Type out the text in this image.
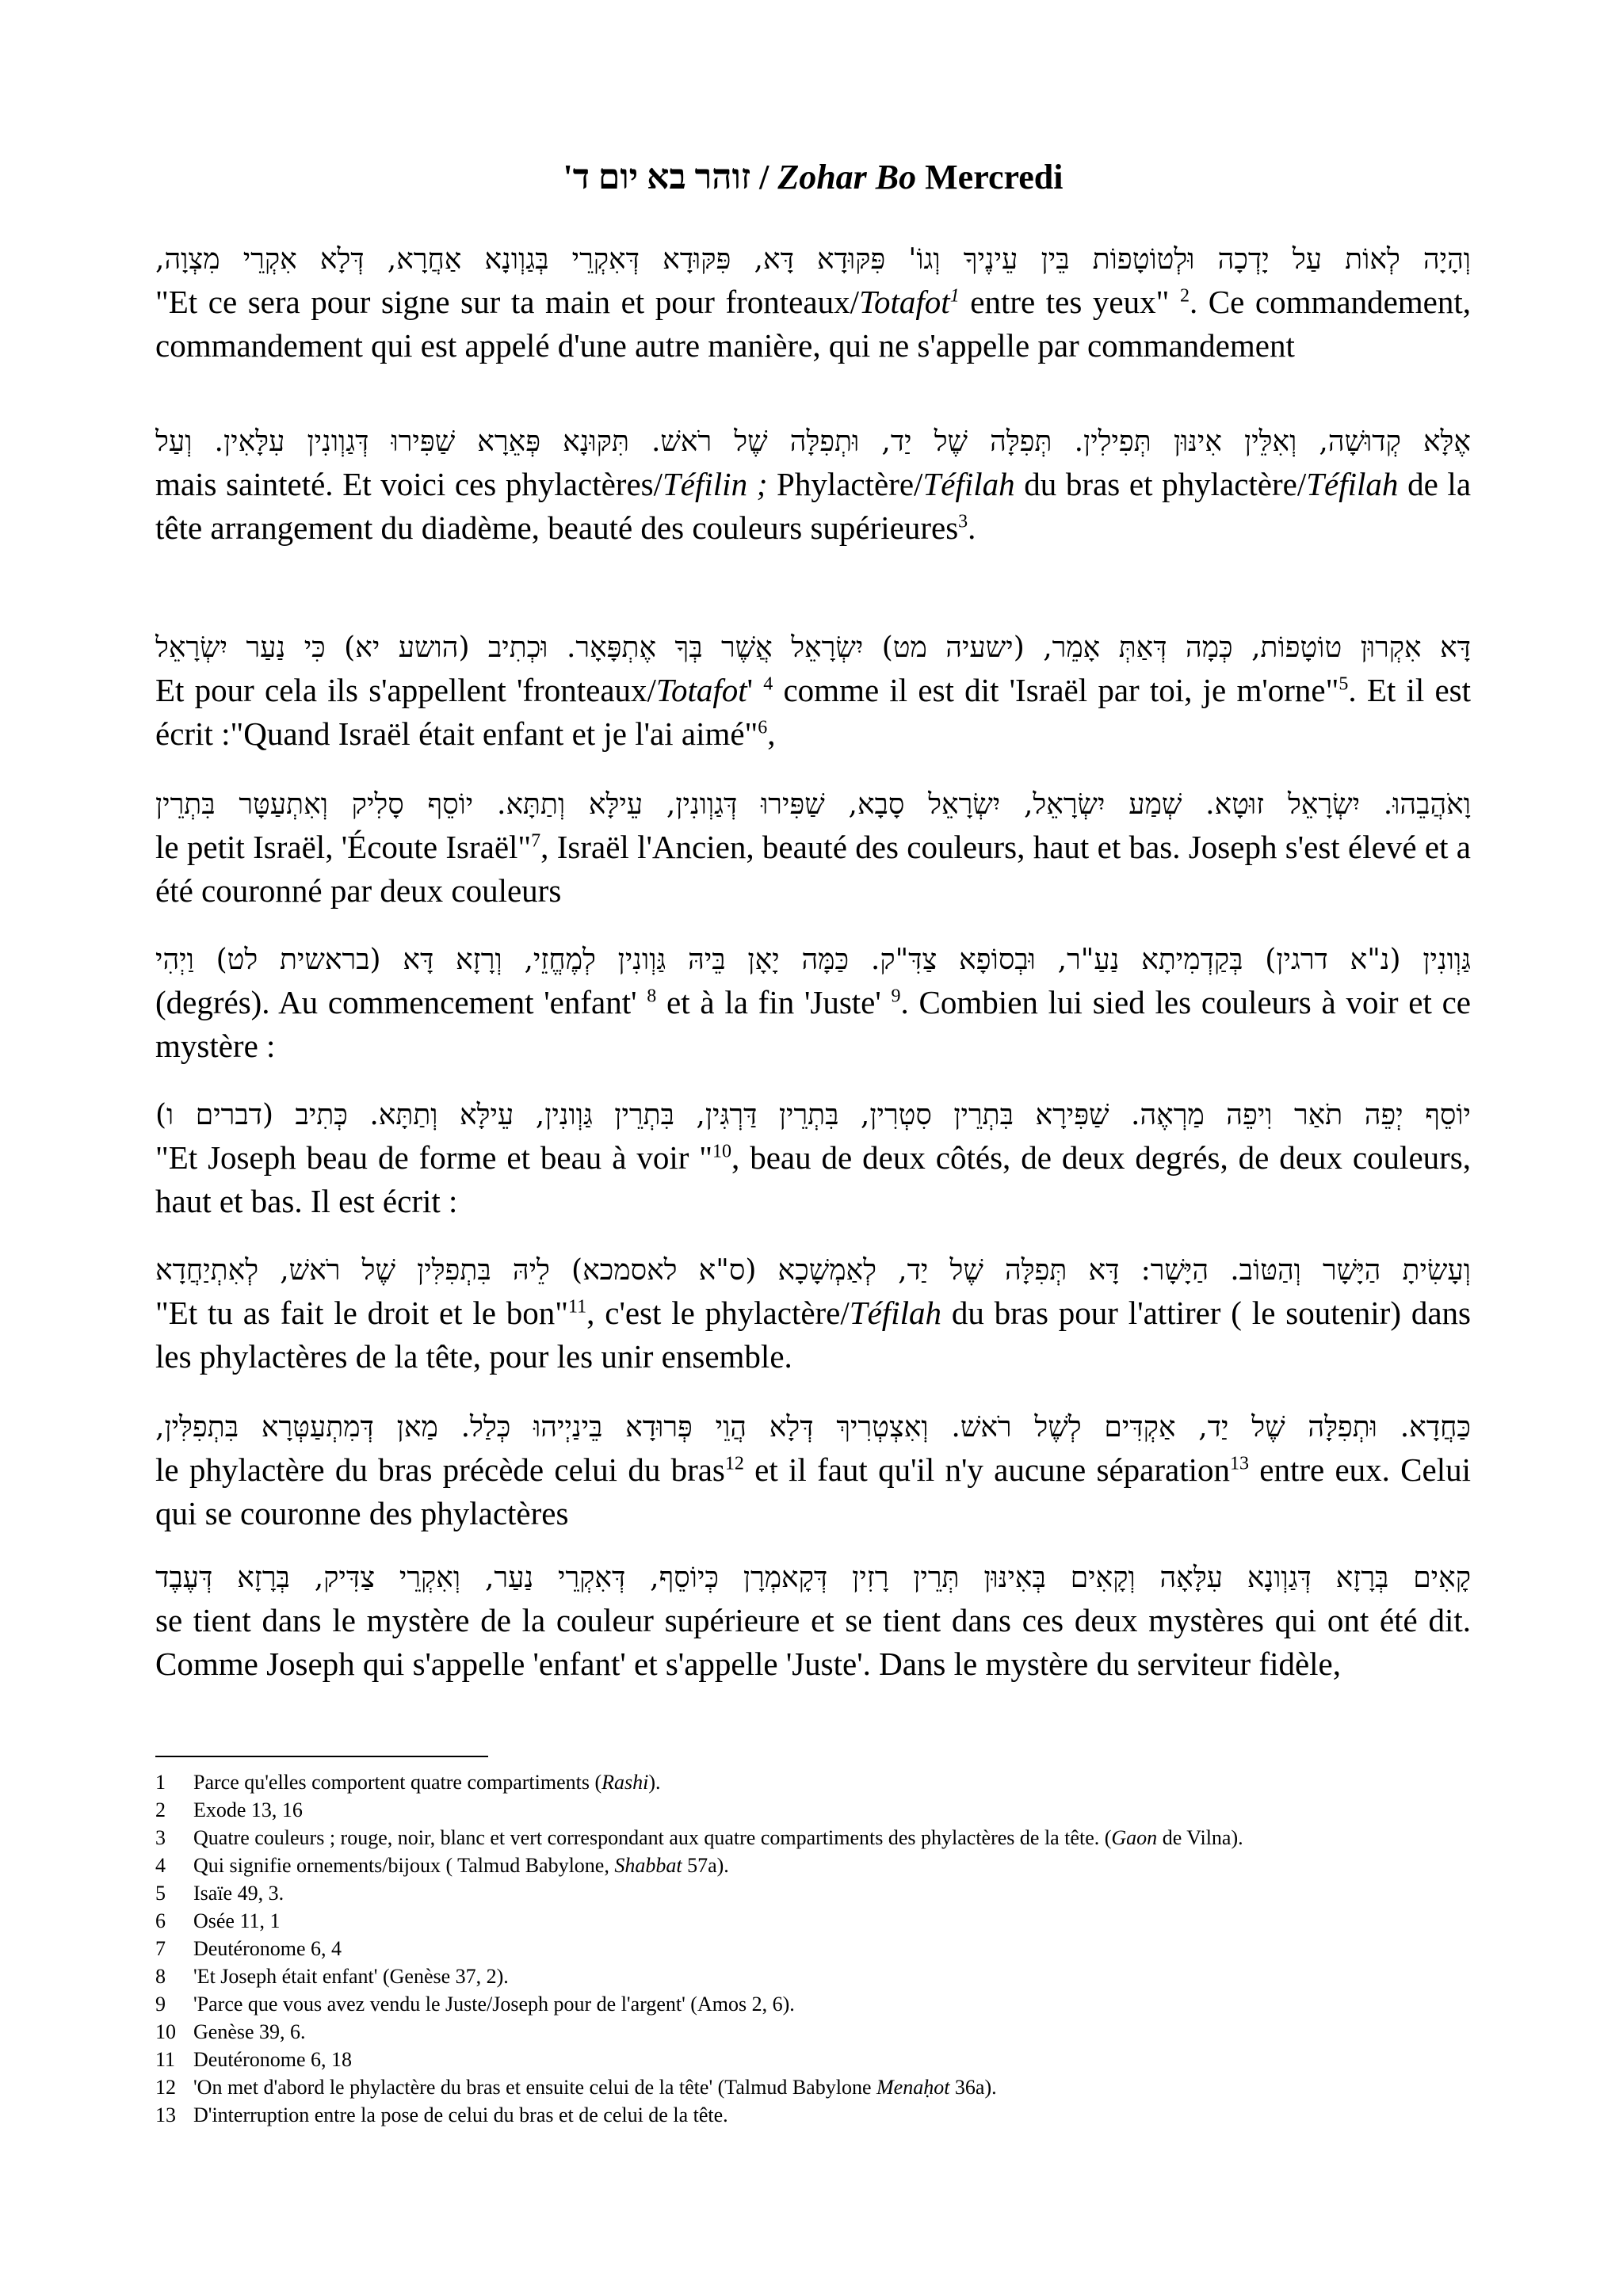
זוהר בא יום ד' / Zohar Bo Mercredi
וְהָיָה לְאוֹת עַל יָדְכָה וּלְטוֹטָפוֹת בֵּין עֵינֶיךָ וְגוֹ' פִּקּוּדָא דָּא, פִּקּוּדָא דְּאִקְרֵי בְּגַוְונָא אַחֲרָא, דְּלָא אִקְרֵי מִצְוָה,
"Et ce sera pour signe sur ta main et pour fronteaux/Totafot$^1$ entre tes yeux" $^2$. Ce commandement, commandement qui est appelé d'une autre manière, qui ne s'appelle par commandement
אֶלָּא קְדוּשָׁה, וְאִלֵּין אִינּוּן תְּפִילִין. תְּפִלָּה שֶׁל יַד, וּתְפִלָּה שֶׁל רֹאשׁ. תִּקּוּנָא פְּאֵרָא שַׁפִּירוּ דְּגַוְונִין עִלָּאִין. וְעַל
mais sainteté. Et voici ces phylactères/Téfilin ; Phylactère/Téfilah du bras et phylactère/Téfilah de la tête arrangement du diadème, beauté des couleurs supérieures$^3$.
דָּא אִקְרוּן טוֹטָפוֹת, כְּמָה דְּאַתְּ אָמֵר, (ישעיה מט) יִשְׂרָאֵל אֲשֶׁר בְּךָ אֶתְפָּאָר. וּכְתִיב (הושע יא) כִּי נַעַר יִשְׂרָאֵל
Et pour cela ils s'appellent 'fronteaux/Totafot' $^4$ comme il est dit 'Israël par toi, je m'orne"$^5$. Et il est écrit :"Quand Israël était enfant et je l'ai aimé"$^6$,
וָאֹהֲבֵהוּ. יִשְׂרָאֵל זוּטָא. שְׁמַע יִשְׂרָאֵל, יִשְׂרָאֵל סָבָא, שַׁפִּירוּ דְּגַוְונִין, עֵילָּא וְתַתָּא. יוֹסֵף סָלִיק וְאִתְעַטָּר בִּתְרֵין
le petit Israël, 'Écoute Israël"$^7$, Israël l'Ancien, beauté des couleurs, haut et bas. Joseph s'est élevé et a été couronné par deux couleurs
גַּוְונִין (נ"א דרגין) בְּקַדְמִיתָא נַעַ"ר, וּבְסוֹפָא צַדִּ"ק. כַּמָּה יָאָן בֵּיהּ גַּוְונִין לְמֶחֱזֵי, וְרָזָא דָּא (בראשית לט) וַיְהִי
(degrés). Au commencement 'enfant' $^8$ et à la fin 'Juste' $^9$. Combien lui sied les couleurs à voir et ce mystère :
יוֹסֵף יְפֵה תֹאַר וִיפֵה מַרְאֶה. שַׁפִּירָא בִּתְרֵין סִטְרִין, בִּתְרֵין דַּרְגִּין, בִּתְרֵין גַּוְונִין, עֵילָּא וְתַתָּא. כְּתִיב (דברים ו)
"Et Joseph beau de forme et beau à voir "$^{10}$, beau de deux côtés, de deux degrés, de deux couleurs, haut et bas. Il est écrit :
וְעָשִׂיתָ הַיָּשָׁר וְהַטּוֹב. הַיָּשָׁר: דָּא תְּפִלָּה שֶׁל יַד, לְאַמְשָׁכָא (ס"א לאסמכא) לֵיהּ בִּתְפִלִּין שֶׁל רֹאשׁ, לְאִתְיַחֲדָא
"Et tu as fait le droit et le bon"$^{11}$, c'est le phylactère/Téfilah du bras pour l'attirer ( le soutenir) dans les phylactères de la tête, pour les unir ensemble.
כַּחֲדָא. וּתְפִלָּה שֶׁל יַד, אַקְדִּים לְשֶׁל רֹאשׁ. וְאִצְטְרִיךְ דְּלָא הֲוֵי פְּרוּדָא בֵּינַיְיהוּ כְּלַל. מַאן דְּמִתְעַטְּרָא בִּתְפִלִּין,
le phylactère du bras précède celui du bras$^{12}$ et il faut qu'il n'y aucune séparation$^{13}$ entre eux. Celui qui se couronne des phylactères
קָאִים בְּרָזָא דְּגַוְונָא עִלָּאָה וְקָאִים בְּאִינּוּן תְּרֵין רָזִין דְּקָאמְרָן כְּיוֹסֵף, דְּאִקְרֵי נַעַר, וְאִקְרֵי צַדִּיק, בְּרָזָא דְּעֶבֶד
se tient dans le mystère de la couleur supérieure et se tient dans ces deux mystères qui ont été dit. Comme Joseph qui s'appelle 'enfant' et s'appelle 'Juste'. Dans le mystère du serviteur fidèle,
1	Parce qu'elles comportent quatre compartiments (Rashi).
2	Exode 13, 16
3	Quatre couleurs ; rouge, noir, blanc et vert correspondant aux quatre compartiments des phylactères de la tête. (Gaon de Vilna).
4	Qui signifie ornements/bijoux ( Talmud Babylone, Shabbat 57a).
5	Isaïe 49, 3.
6	Osée 11, 1
7	Deutéronome 6, 4
8	'Et Joseph était enfant' (Genèse 37, 2).
9	'Parce que vous avez vendu le Juste/Joseph pour de l'argent' (Amos 2, 6).
10 Genèse 39, 6.
11 Deutéronome 6, 18
12 'On met d'abord le phylactère du bras et ensuite celui de la tête' (Talmud Babylone Menaḥot 36a).
13 D'interruption entre la pose de celui du bras et de celui de la tête.
